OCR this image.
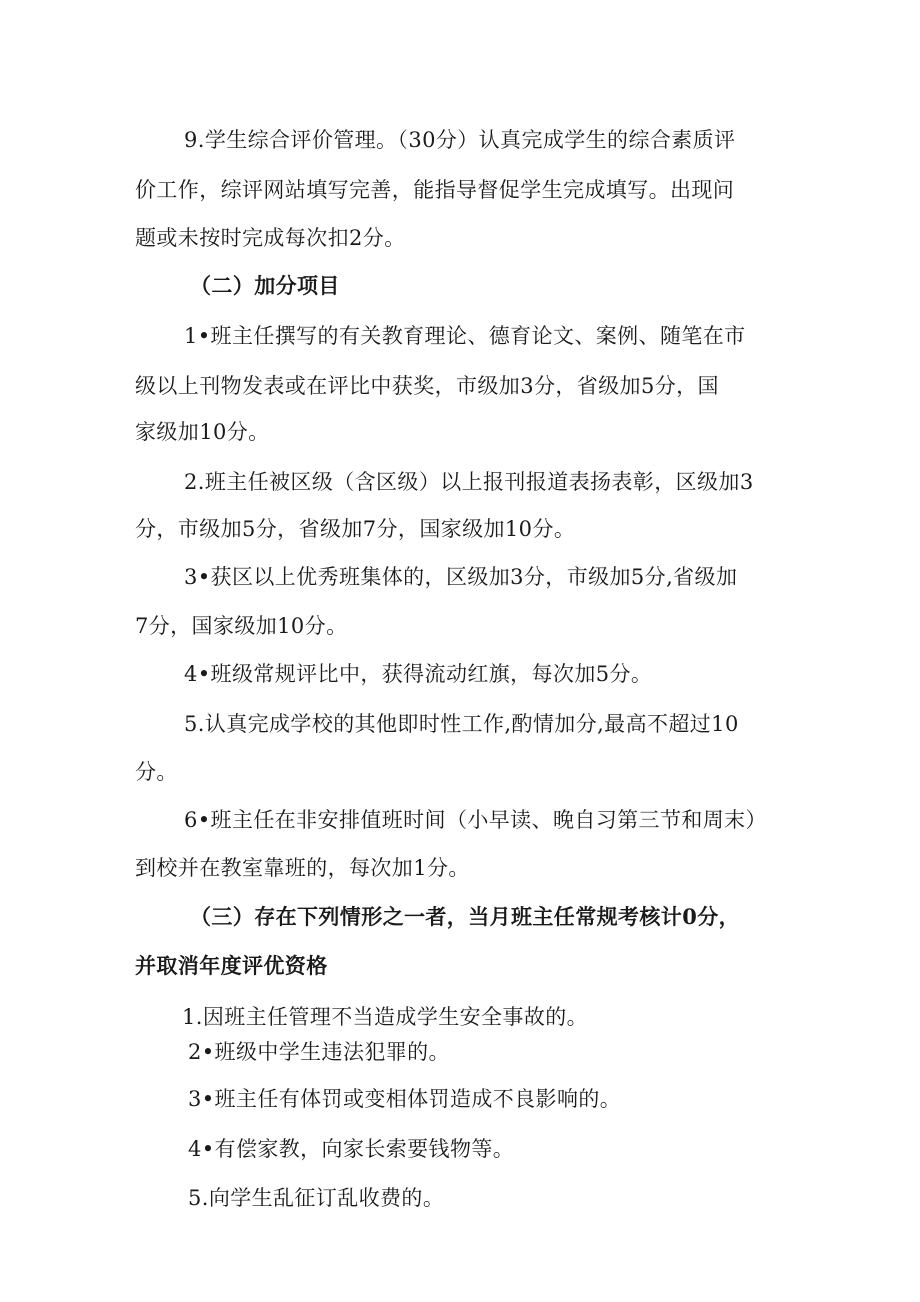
9.学生综合评价管理。（30分）认真完成学生的综合素质评
价工作，综评网站填写完善，能指导督促学生完成填写。出现问
题或未按时完成每次扣2分。
（二）加分项目
1•班主任撰写的有关教育理论、德育论文、案例、随笔在市
级以上刊物发表或在评比中获奖，市级加3分，省级加5分，国
家级加10分。
2.班主任被区级（含区级）以上报刊报道表扬表彰，区级加3
分，市级加5分，省级加7分，国家级加10分。
3•获区以上优秀班集体的，区级加3分，市级加5分,省级加
7分，国家级加10分。
4•班级常规评比中，获得流动红旗，每次加5分。
5.认真完成学校的其他即时性工作,酌情加分,最高不超过10
分。
6•班主任在非安排值班时间（小早读、晚自习第三节和周末）
到校并在教室靠班的，每次加1分。
（三）存在下列情形之一者，当月班主任常规考核计0分，
并取消年度评优资格
1.因班主任管理不当造成学生安全事故的。
2•班级中学生违法犯罪的。
3•班主任有体罚或变相体罚造成不良影响的。
4•有偿家教，向家长索要钱物等。
5.向学生乱征订乱收费的。
